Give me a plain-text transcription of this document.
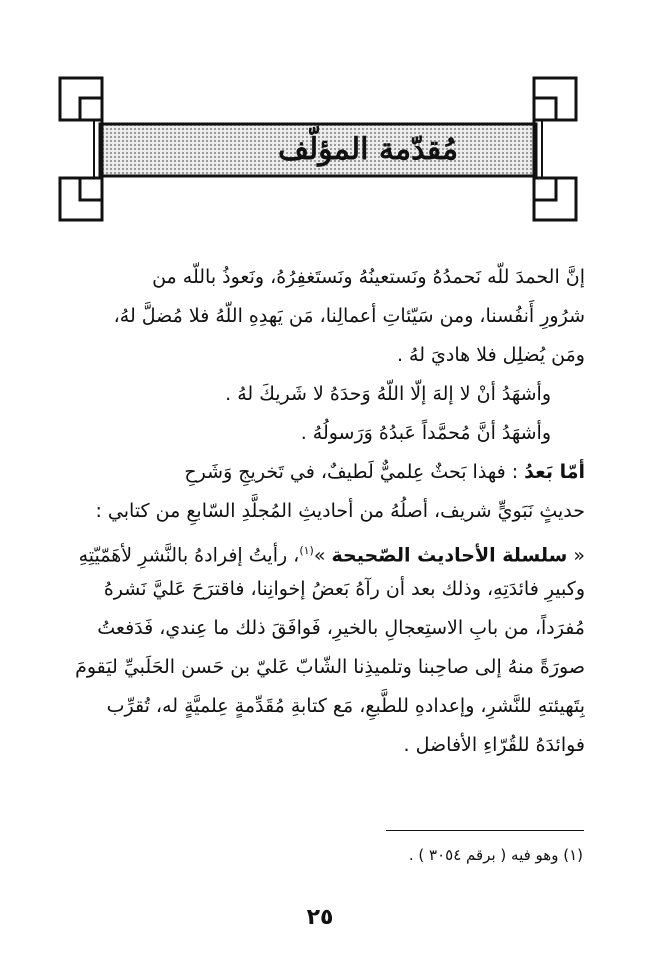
مُقدّمة المؤلّف
إنَّ الحمدَ للّه نَحمدُهُ ونَستعينُهُ ونَستَغفِرُهُ، ونَعوذُ باللّه من
شرُورِ أَنفُسنا، ومن سَيّئاتِ أعمالِنا، مَن يَهدِهِ اللّهُ فلا مُضلَّ لهُ،
ومَن يُضلِل فلا هاديَ لهُ .
وأشهَدُ أنْ لا إلهَ إلّا اللّهُ وَحدَهُ لا شَريكَ لهُ .
وأشهَدُ أنَّ مُحمَّداً عَبدُهُ وَرَسولُهُ .
أمّا بَعدُ : فهذا بَحثٌ عِلميٌّ لَطيفٌ، في تَخريجِ وَشَرحِ
حديثٍ نَبَويٍّ شريف، أصلُهُ من أحاديثِ المُجلَّدِ السّابعِ من كتابي :
« سلسلة الأحاديث الصّحيحة »$^{(١)}$، رأيتُ إفرادهُ بالنَّشرِ لأهَمّيّتِهِ
وكبيرِ فائدَتِهِ، وذلك بعد أن رآهُ بَعضُ إخوانِنا، فاقترَحَ عَليَّ نَشرهُ
مُفرَداً، من بابِ الاستِعجالِ بالخيرِ، فَوافَقَ ذلك ما عِندي، فَدَفعتُ
صورَةً منهُ إلى صاحِبنا وتلميذِنا الشّابّ عَليّ بن حَسن الحَلَبيِّ ليَقومَ
بِتَهيئتهِ للنَّشرِ، وإعدادهِ للطَّبعِ، مَع كتابةِ مُقَدِّمةٍ عِلميَّةٍ له، تُقرِّب
فوائدَهُ للقُرّاءِ الأفاضل .
(١) وهو فيه ( برقم ٣٠٥٤ ) .
٢٥
